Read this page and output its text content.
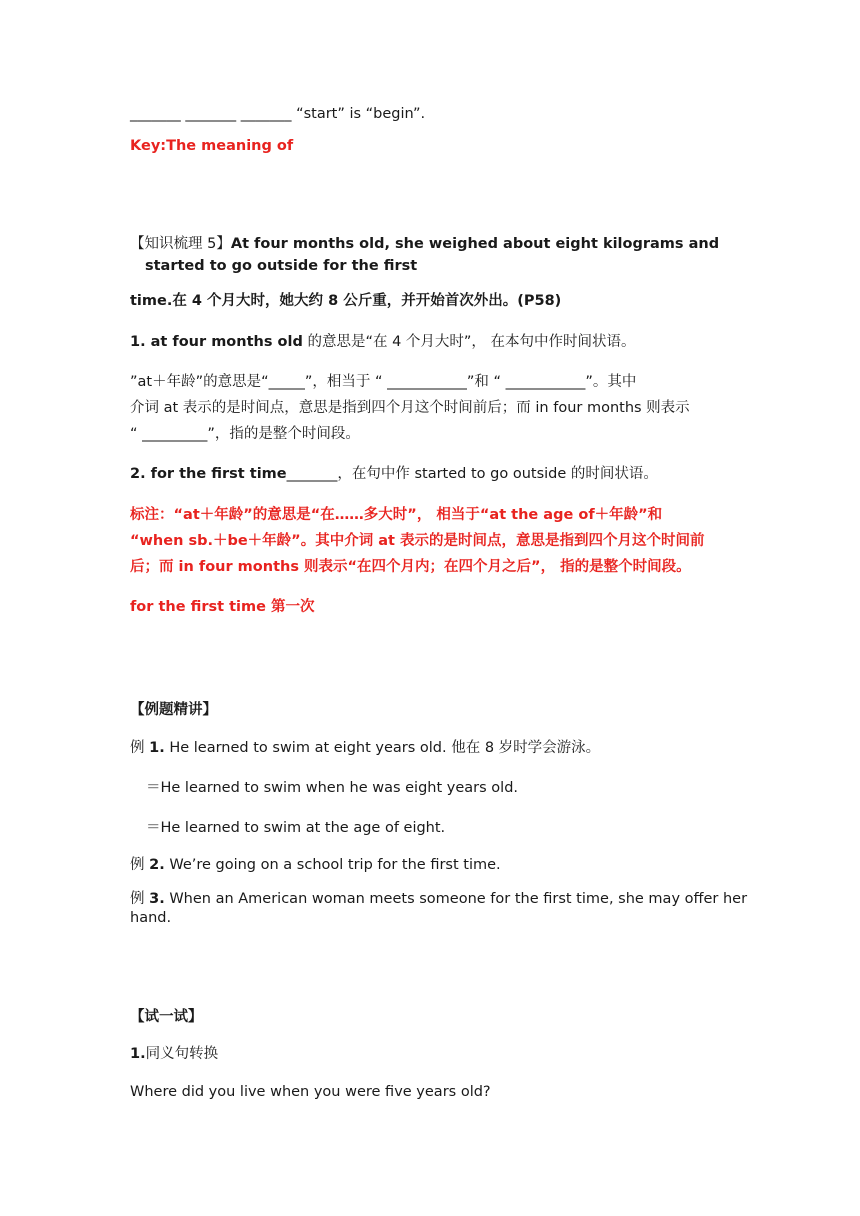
_______ _______ _______ “start” is “begin”.
Key:The meaning of
【知识梳理 5】At four months old, she weighed about eight kilograms and
started to go outside for the first
time.在 4 个月大时，她大约 8 公斤重，并开始首次外出。(P58)
1. at four months old 的意思是“在 4 个月大时”， 在本句中作时间状语。
”at＋年龄”的意思是“_____”，相当于 “ ___________”和 “ ___________”。其中
介词 at 表示的是时间点，意思是指到四个月这个时间前后；而 in four months 则表示
“ _________”，指的是整个时间段。
2. for the first time_______，在句中作 started to go outside 的时间状语。
标注：“at＋年龄”的意思是“在……多大时”， 相当于“at the age of＋年龄”和
“when sb.＋be＋年龄”。其中介词 at 表示的是时间点，意思是指到四个月这个时间前
后；而 in four months 则表示“在四个月内；在四个月之后”， 指的是整个时间段。
for the first time 第一次
【例题精讲】
例 1. He learned to swim at eight years old. 他在 8 岁时学会游泳。
＝He learned to swim when he was eight years old.
＝He learned to swim at the age of eight.
例 2. We’re going on a school trip for the first time.
例 3. When an American woman meets someone for the first time, she may offer her
hand.
【试一试】
1.同义句转换
Where did you live when you were five years old?
